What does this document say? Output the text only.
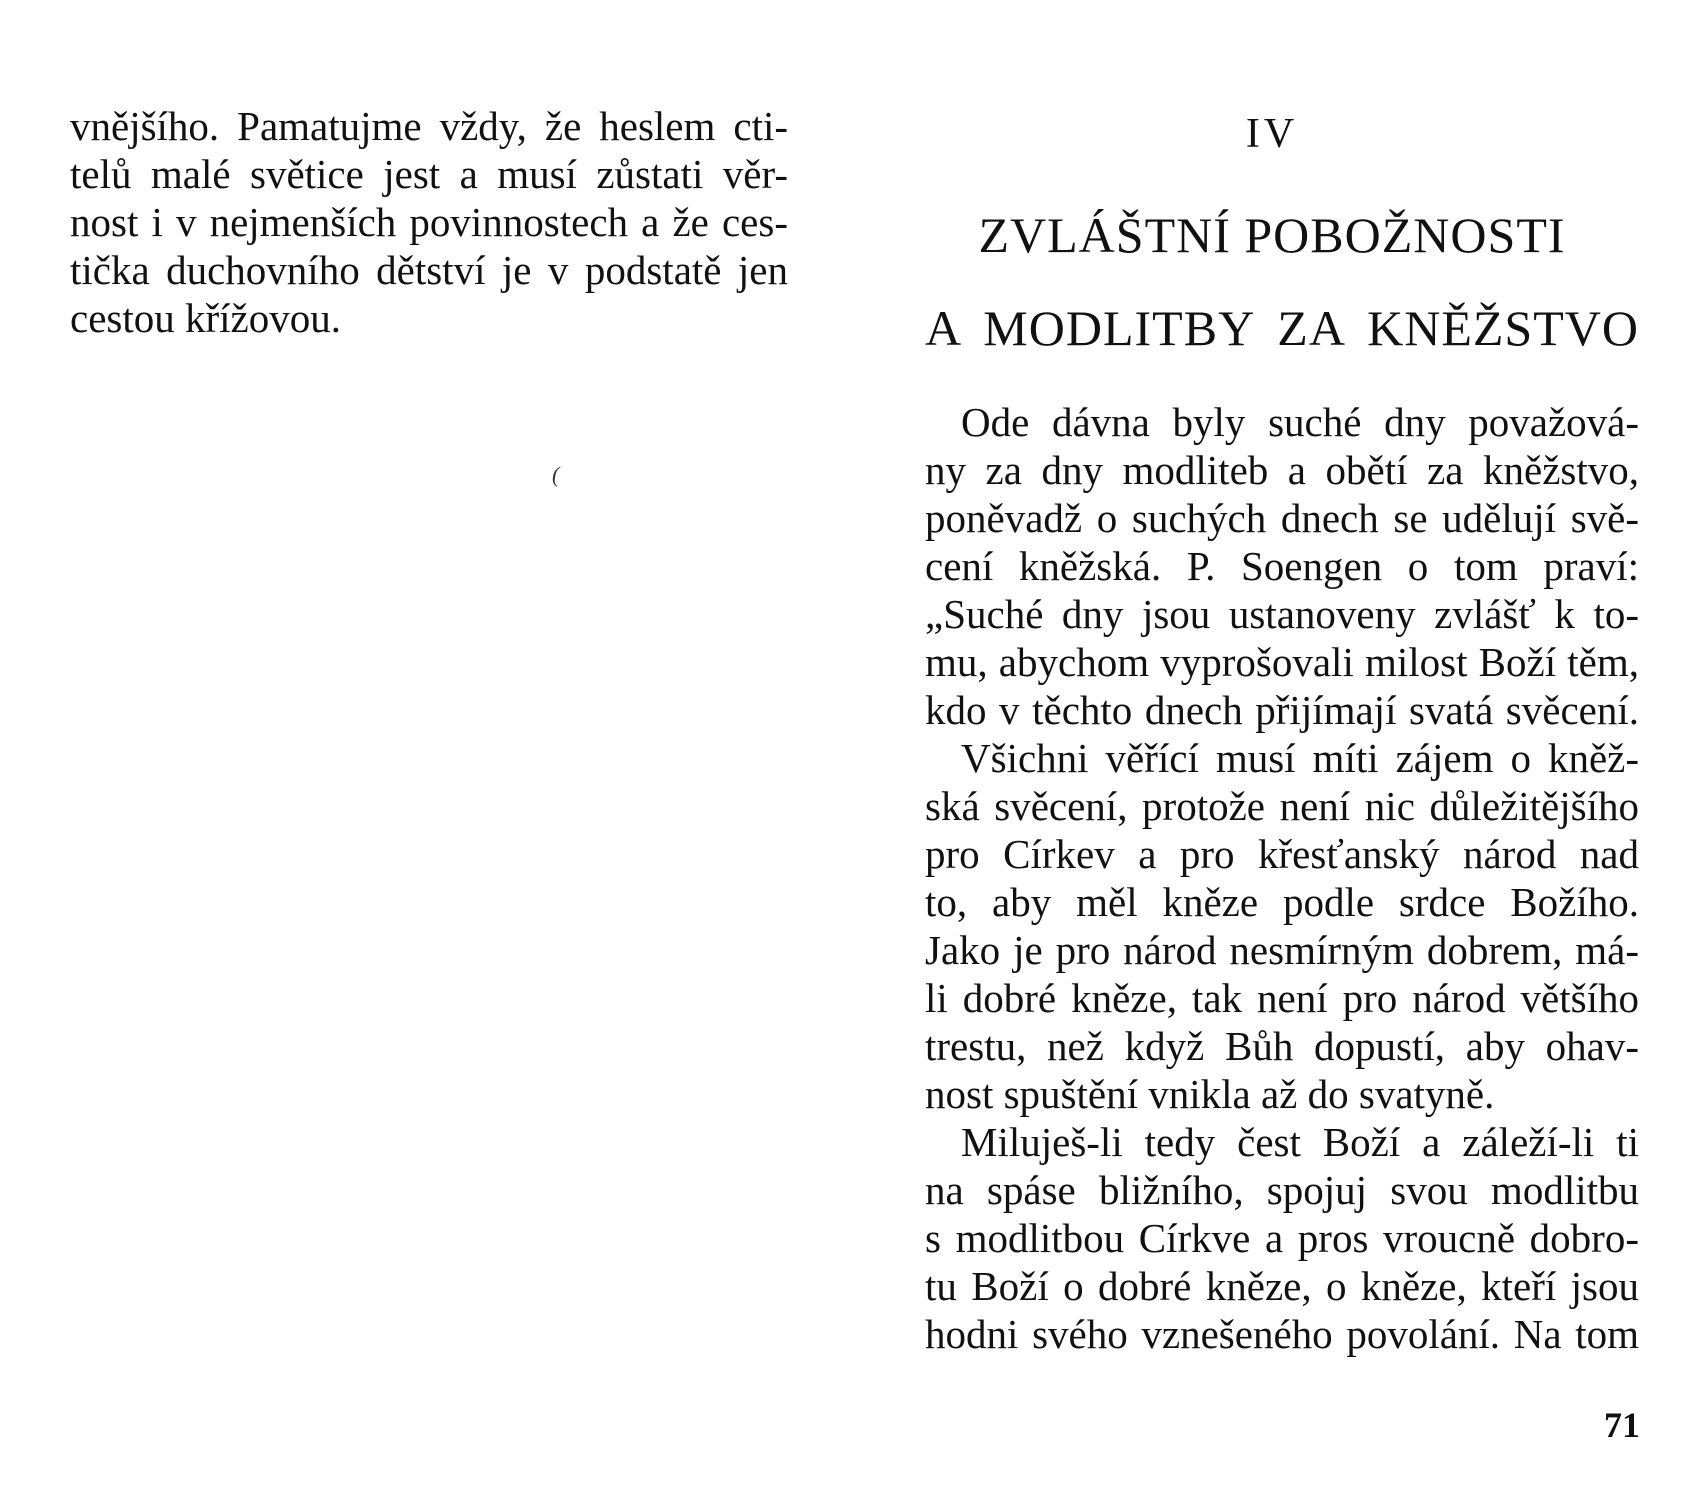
vnějšího. Pamatujme vždy, že heslem cti-

telů malé světice jest a musí zůstati věr-

nost i v nejmenších povinnostech a že ces-

tička duchovního dětství je v podstatě jen

cestou křížovou.

(
IV
ZVLÁŠTNÍ POBOŽNOSTI
A MODLITBY ZA KNĚŽSTVO

Ode dávna byly suché dny považová-

ny za dny modliteb a obětí za kněžstvo,

poněvadž o suchých dnech se udělují svě-

cení kněžská. P. Soengen o tom praví:

„Suché dny jsou ustanoveny zvlášť k to-

mu, abychom vyprošovali milost Boží těm,

kdo v těchto dnech přijímají svatá svěcení.

Všichni věřící musí míti zájem o kněž-

ská svěcení, protože není nic důležitějšího

pro Církev a pro křesťanský národ nad

to, aby měl kněze podle srdce Božího.

Jako je pro národ nesmírným dobrem, má-

li dobré kněze, tak není pro národ většího

trestu, než když Bůh dopustí, aby ohav-

nost spuštění vnikla až do svatyně.

Miluješ-li tedy čest Boží a záleží-li ti

na spáse bližního, spojuj svou modlitbu

s modlitbou Církve a pros vroucně dobro-

tu Boží o dobré kněze, o kněze, kteří jsou

hodni svého vznešeného povolání. Na tom

71
